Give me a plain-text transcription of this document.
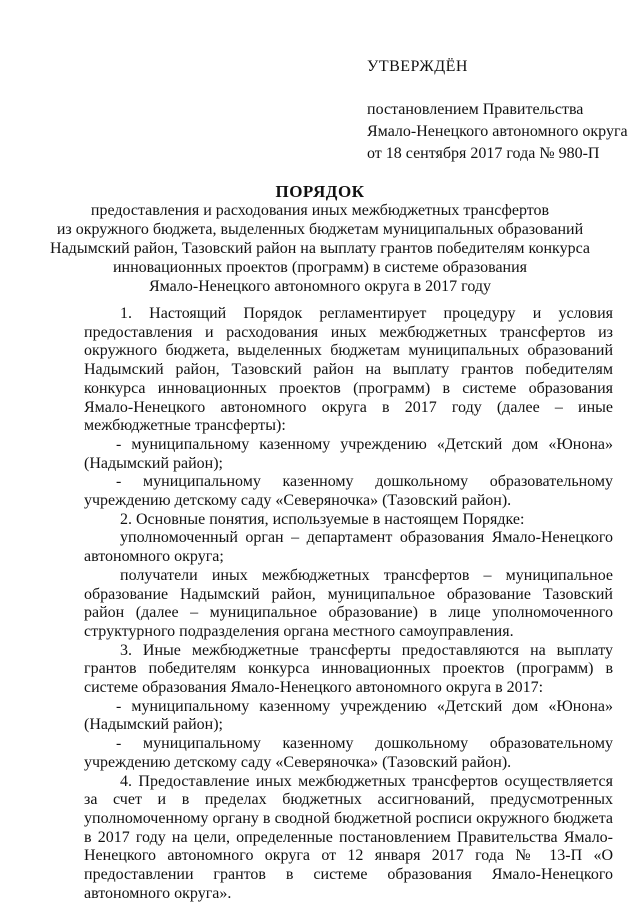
УТВЕРЖДЁН
постановлением Правительства
Ямало-Ненецкого автономного округа
от 18 сентября 2017 года № 980-П
ПОРЯДОК
предоставления и расходования иных межбюджетных трансфертов
из окружного бюджета, выделенных бюджетам муниципальных образований
Надымский район, Тазовский район на выплату грантов победителям конкурса
инновационных проектов (программ) в системе образования
Ямало-Ненецкого автономного округа в 2017 году

1. Настоящий Порядок регламентирует процедуру и условия предоставления и расходования иных межбюджетных трансфертов из окружного бюджета, выделенных бюджетам муниципальных образований Надымский район, Тазовский район на выплату грантов победителям конкурса инновационных проектов (программ) в системе образования Ямало-Ненецкого автономного округа в 2017 году (далее – иные межбюджетные трансферты):

- муниципальному казенному учреждению «Детский дом «Юнона» (Надымский район);

- муниципальному казенному дошкольному образовательному учреждению детскому саду «Северяночка» (Тазовский район).

2. Основные понятия, используемые в настоящем Порядке:

уполномоченный орган – департамент образования Ямало-Ненецкого автономного округа;

получатели иных межбюджетных трансфертов – муниципальное образование Надымский район, муниципальное образование Тазовский район (далее – муниципальное образование) в лице уполномоченного структурного подразделения органа местного самоуправления.

3. Иные межбюджетные трансферты предоставляются на выплату грантов победителям конкурса инновационных проектов (программ) в системе образования Ямало-Ненецкого автономного округа в 2017:

- муниципальному казенному учреждению «Детский дом «Юнона» (Надымский район);

- муниципальному казенному дошкольному образовательному учреждению детскому саду «Северяночка» (Тазовский район).

4. Предоставление иных межбюджетных трансфертов осуществляется за счет и в пределах бюджетных ассигнований, предусмотренных уполномоченному органу в сводной бюджетной росписи окружного бюджета в 2017 году на цели, определенные постановлением Правительства Ямало-Ненецкого автономного округа от 12 января 2017 года № 13-П «О предоставлении грантов в системе образования Ямало-Ненецкого автономного округа».
